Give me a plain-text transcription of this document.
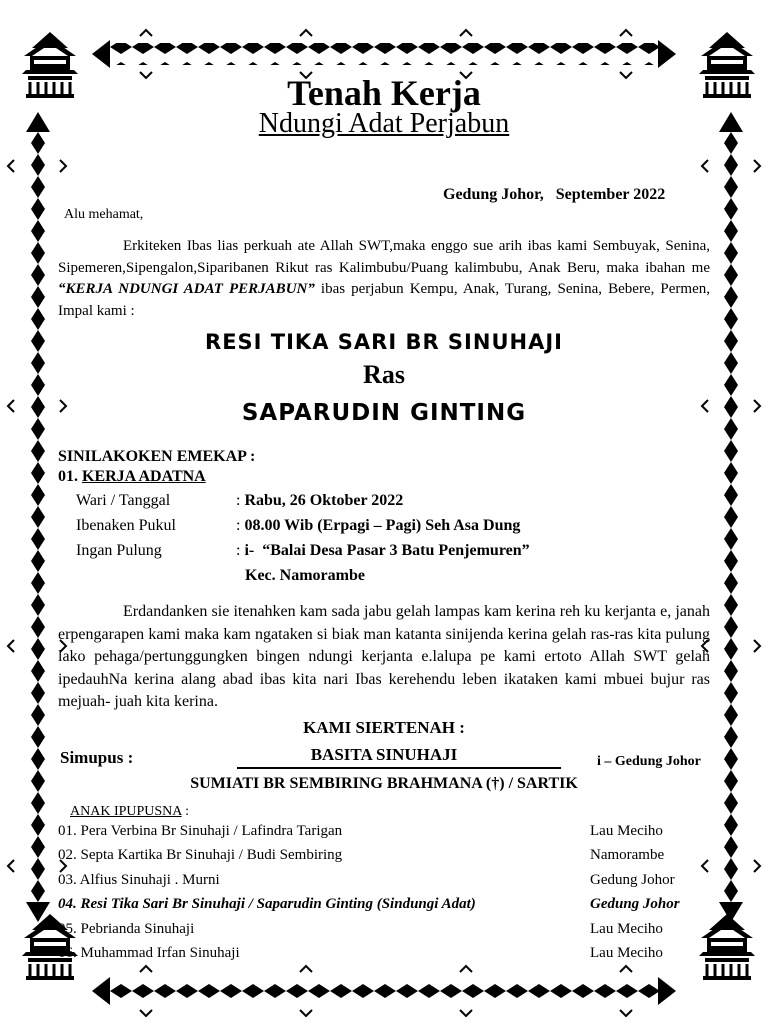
Tenah Kerja
Ndungi Adat Perjabun
Gedung Johor,   September 2022
Alu mehamat,
Erkiteken Ibas lias perkuah ate Allah SWT,maka enggo sue arih ibas kami Sembuyak, Senina, Sipemeren,Sipengalon,Siparibanen Rikut ras Kalimbubu/Puang kalimbubu, Anak Beru, maka ibahan me “KERJA NDUNGI ADAT PERJABUN” ibas perjabun Kempu, Anak, Turang, Senina, Bebere, Permen, Impal kami :
RESI TIKA SARI BR SINUHAJI
Ras
SAPARUDIN GINTING
SINILAKOKEN EMEKAP :
01. KERJA ADATNA
Wari / Tanggal	: Rabu, 26 Oktober 2022
Ibenaken Pukul	: 08.00 Wib (Erpagi – Pagi) Seh Asa Dung
Ingan Pulung	: i-  “Balai Desa Pasar 3 Batu Penjemuren”
Kec. Namorambe
Erdandanken sie itenahken kam sada jabu gelah lampas kam kerina reh ku kerjanta e, janah erpengarapen kami maka kam ngataken si biak man katanta sinijenda kerina gelah ras-ras kita pulung lako pehaga/pertunggungken bingen ndungi kerjanta e.lalupa pe kami ertoto Allah SWT gelah ipedauhNa kerina alang abad ibas kita nari Ibas kerehendu leben ikataken kami mbuei bujur ras mejuah- juah kita kerina.
KAMI SIERTENAH :
Simupus :	BASITA SINUHAJI	i – Gedung Johor
SUMIATI BR SEMBIRING BRAHMANA (†) / SARTIK
ANAK IPUPUSNA :
01. Pera Verbina Br Sinuhaji / Lafindra Tarigan	Lau Meciho
02. Septa Kartika Br Sinuhaji / Budi Sembiring	Namorambe
03. Alfius Sinuhaji . Murni	Gedung Johor
04. Resi Tika Sari Br Sinuhaji / Saparudin Ginting (Sindungi Adat)	Gedung Johor
05. Pebrianda Sinuhaji	Lau Meciho
06. Muhammad Irfan Sinuhaji	Lau Meciho
